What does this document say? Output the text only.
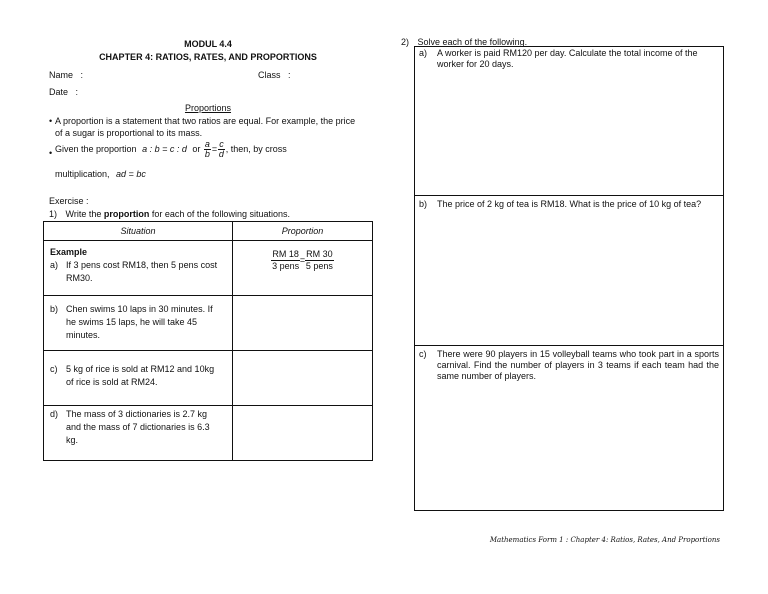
MODUL 4.4
CHAPTER 4: RATIOS, RATES, AND PROPORTIONS
Name   :	Class   :
Date   :
Proportions
• A proportion is a statement that two ratios are equal. For example, the price of a sugar is proportional to its mass.
• Given the proportion a : b = c : d or $\frac{a}{b} = \frac{c}{d}$ , then, by cross
multiplication, ad = bc
Exercise :
1) Write the proportion for each of the following situations.
Situation	Proportion

Example
a) If 3 pens cost RM18, then 5 pens cost RM30.	$\frac{RM 18}{\text{3 pens}} = \frac{RM 30}{\text{5 pens}}$

b) Chen swims 10 laps in 30 minutes. If he swims 15 laps, he will take 45 minutes.	

c) 5 kg of rice is sold at RM12 and 10kg of rice is sold at RM24.	

d) The mass of 3 dictionaries is 2.7 kg and the mass of 7 dictionaries is 6.3 kg.	

2) Solve each of the following.
a) A worker is paid RM120 per day. Calculate the total income of the worker for 20 days.
b) The price of 2 kg of tea is RM18. What is the price of 10 kg of tea?
c) There were 90 players in 15 volleyball teams who took part in a sports carnival. Find the number of players in 3 teams if each team had the same number of players.
Mathematics Form 1 : Chapter 4: Ratios, Rates, And Proportions
